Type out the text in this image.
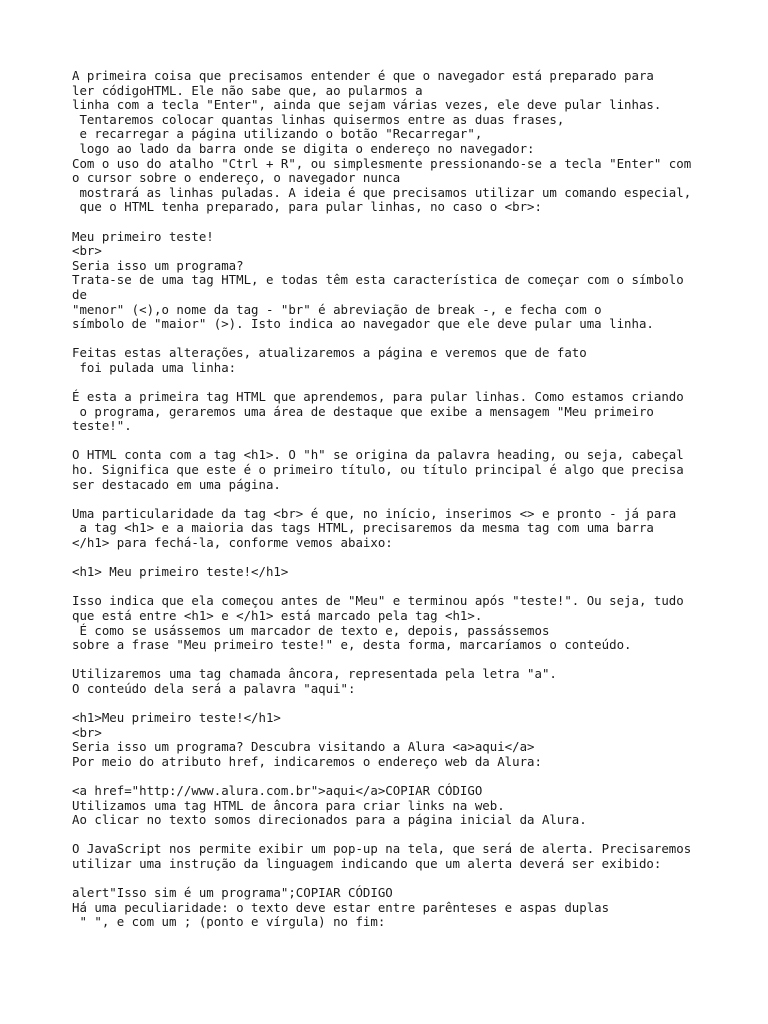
A primeira coisa que precisamos entender é que o navegador está preparado para
ler códigoHTML. Ele não sabe que, ao pularmos a
linha com a tecla "Enter", ainda que sejam várias vezes, ele deve pular linhas.
Tentaremos colocar quantas linhas quisermos entre as duas frases,
e recarregar a página utilizando o botão "Recarregar",
logo ao lado da barra onde se digita o endereço no navegador:
Com o uso do atalho "Ctrl + R", ou simplesmente pressionando-se a tecla "Enter" com
o cursor sobre o endereço, o navegador nunca
mostrará as linhas puladas. A ideia é que precisamos utilizar um comando especial,
que o HTML tenha preparado, para pular linhas, no caso o <br>:
Meu primeiro teste!
<br>
Seria isso um programa?
Trata-se de uma tag HTML, e todas têm esta característica de começar com o símbolo
de
"menor" (<),o nome da tag - "br" é abreviação de break -, e fecha com o
símbolo de "maior" (>). Isto indica ao navegador que ele deve pular uma linha.
Feitas estas alterações, atualizaremos a página e veremos que de fato
foi pulada uma linha:
É esta a primeira tag HTML que aprendemos, para pular linhas. Como estamos criando
o programa, geraremos uma área de destaque que exibe a mensagem "Meu primeiro
teste!".
O HTML conta com a tag <h1>. O "h" se origina da palavra heading, ou seja, cabeçal
ho. Significa que este é o primeiro título, ou título principal é algo que precisa
ser destacado em uma página.
Uma particularidade da tag <br> é que, no início, inserimos <> e pronto - já para
a tag <h1> e a maioria das tags HTML, precisaremos da mesma tag com uma barra
</h1> para fechá-la, conforme vemos abaixo:
<h1> Meu primeiro teste!</h1>
Isso indica que ela começou antes de "Meu" e terminou após "teste!". Ou seja, tudo
que está entre <h1> e </h1> está marcado pela tag <h1>.
É como se usássemos um marcador de texto e, depois, passássemos
sobre a frase "Meu primeiro teste!" e, desta forma, marcaríamos o conteúdo.
Utilizaremos uma tag chamada âncora, representada pela letra "a".
O conteúdo dela será a palavra "aqui":
<h1>Meu primeiro teste!</h1>
<br>
Seria isso um programa? Descubra visitando a Alura <a>aqui</a>
Por meio do atributo href, indicaremos o endereço web da Alura:
<a href="http://www.alura.com.br">aqui</a>COPIAR CÓDIGO
Utilizamos uma tag HTML de âncora para criar links na web.
Ao clicar no texto somos direcionados para a página inicial da Alura.
O JavaScript nos permite exibir um pop-up na tela, que será de alerta. Precisaremos
utilizar uma instrução da linguagem indicando que um alerta deverá ser exibido:
alert"Isso sim é um programa";COPIAR CÓDIGO
Há uma peculiaridade: o texto deve estar entre parênteses e aspas duplas
" ", e com um ; (ponto e vírgula) no fim:
